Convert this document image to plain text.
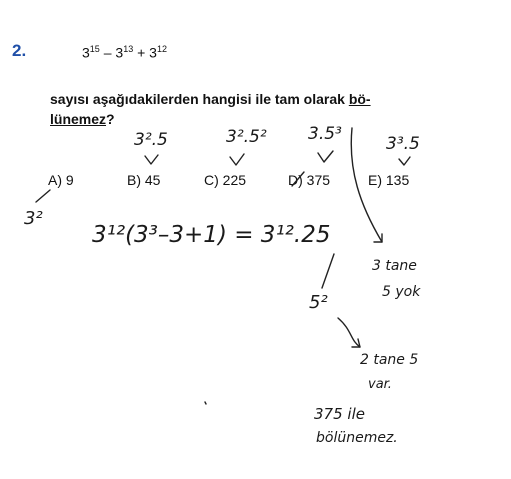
2.	$3^{15} - 3^{13} + 3^{12}$
sayısı aşağıdakilerden hangisi ile tam olarak bö-
lünemez?
A) 9	B) 45	C) 225	D) 375	E) 135
3²
3².5	3².5² 3.5³	3³.5
3¹²(3³–3+1) = 3¹².25
5²
3 tane
5 yok
2 tane 5
var.
375 ile
bölünemez.
